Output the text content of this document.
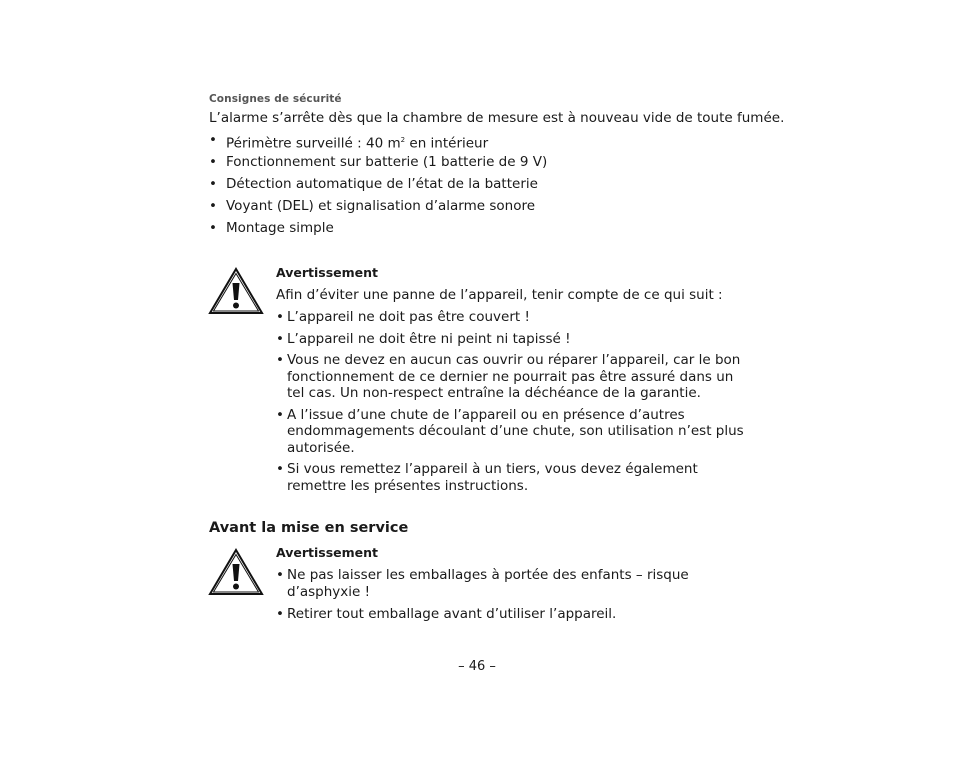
Consignes de sécurité
L’alarme s’arrête dès que la chambre de mesure est à nouveau vide de toute fumée.
• Périmètre surveillé : 40 $m^2$ en intérieur
• Fonctionnement sur batterie (1 batterie de 9 V)
• Détection automatique de l’état de la batterie
• Voyant (DEL) et signalisation d’alarme sonore
• Montage simple
Avertissement
Afin d’éviter une panne de l’appareil, tenir compte de ce qui suit :
• L’appareil ne doit pas être couvert !
• L’appareil ne doit être ni peint ni tapissé !
• Vous ne devez en aucun cas ouvrir ou réparer l’appareil, car le bon fonctionnement de ce dernier ne pourrait pas être assuré dans un tel cas. Un non-respect entraîne la déchéance de la garantie.
• A l’issue d’une chute de l’appareil ou en présence d’autres endommagements découlant d’une chute, son utilisation n’est plus autorisée.
• Si vous remettez l’appareil à un tiers, vous devez également remettre les présentes instructions.
Avant la mise en service
Avertissement
• Ne pas laisser les emballages à portée des enfants – risque d’asphyxie !
• Retirer tout emballage avant d’utiliser l’appareil.
– 46 –
